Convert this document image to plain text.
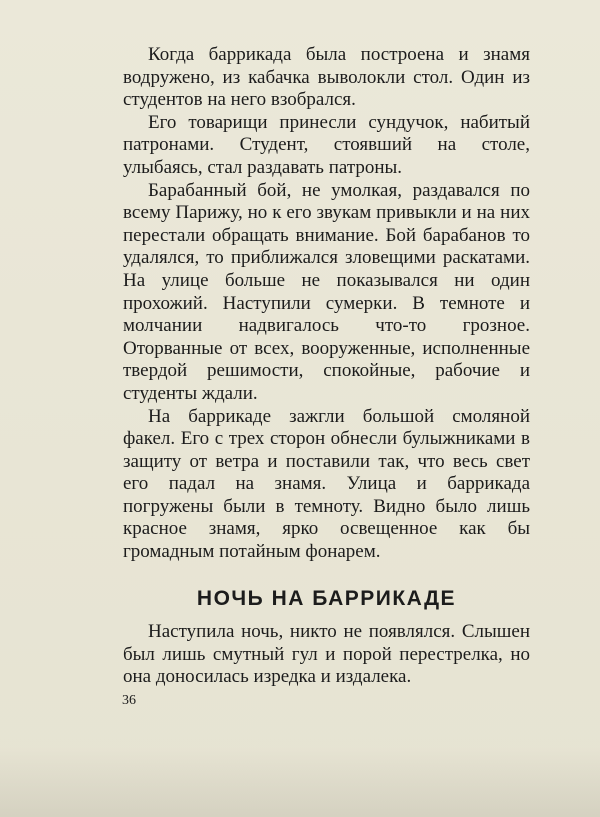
Когда баррикада была построена и знамя водружено, из кабачка выволокли стол. Один из студентов на него взобрался.

Его товарищи принесли сундучок, набитый патронами. Студент, стоявший на столе, улыбаясь, стал раздавать патроны.

Барабанный бой, не умолкая, раздавался по всему Парижу, но к его звукам привыкли и на них перестали обращать внимание. Бой барабанов то удалялся, то приближался зловещими раскатами. На улице больше не показывался ни один прохожий. Наступили сумерки. В темноте и молчании надвигалось что-то грозное. Оторванные от всех, вооруженные, исполненные твердой решимости, спокойные, рабочие и студенты ждали.

На баррикаде зажгли большой смоляной факел. Его с трех сторон обнесли булыжниками в защиту от ветра и поставили так, что весь свет его падал на знамя. Улица и баррикада погружены были в темноту. Видно было лишь красное знамя, ярко освещенное как бы громадным потайным фонарем.

НОЧЬ НА БАРРИКАДЕ

Наступила ночь, никто не появлялся. Слышен был лишь смутный гул и порой перестрелка, но она доносилась изредка и издалека.

36
